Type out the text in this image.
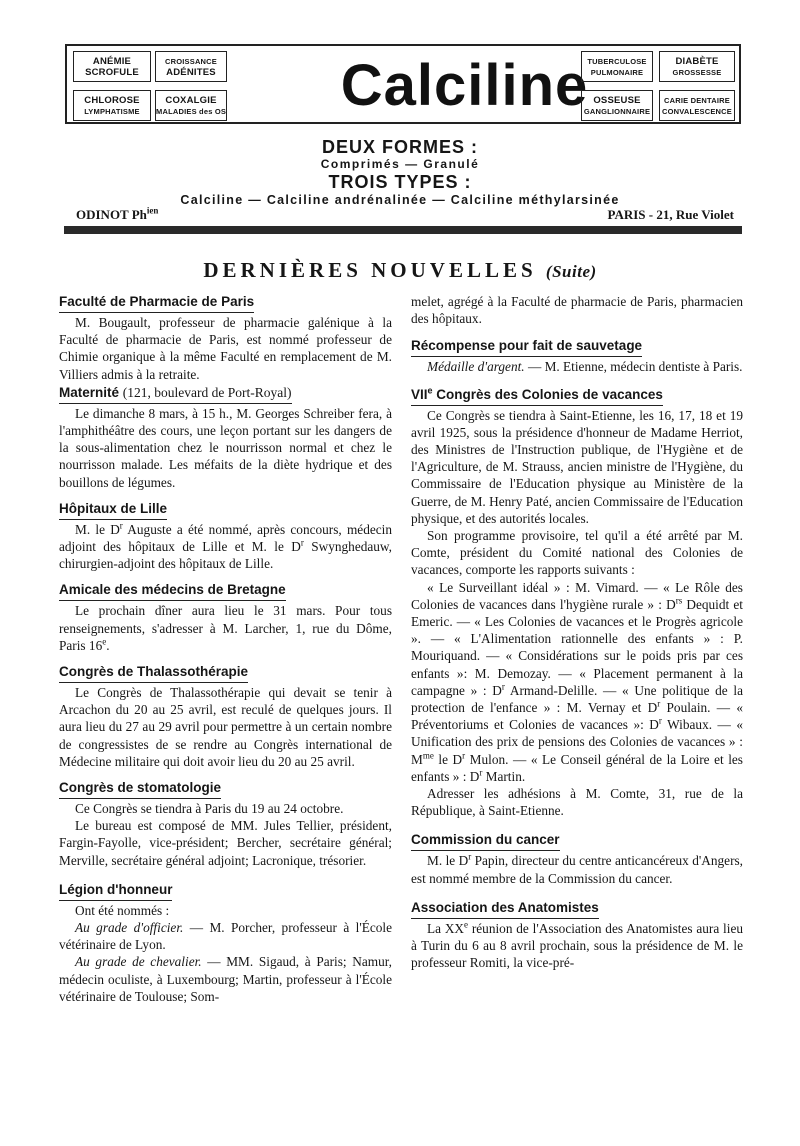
ANÉMIE
SCROFULE
CROISSANCE
ADÉNITES
CHLOROSE
LYMPHATISME
COXALGIE
MALADIES des OS	Calciline TUBERCULOSE
PULMONAIRE
DIABÈTE
GROSSESSE
OSSEUSE
GANGLIONNAIRE
CARIE DENTAIRE
CONVALESCENCE
DEUX FORMES :
Comprimés — Granulé
TROIS TYPES :
Calciline — Calciline andrénalinée — Calciline méthylarsinée
ODINOT $Ph^{ien}$	PARIS - 21, Rue Violet
DERNIÈRES NOUVELLES (Suite)
Faculté de Pharmacie de Paris

M. Bougault, professeur de pharmacie galénique à la Faculté de pharmacie de Paris, est nommé professeur de Chimie organique à la même Faculté en remplacement de M. Villiers admis à la retraite.

Maternité (121, boulevard de Port-Royal)

Le dimanche 8 mars, à 15 h., M. Georges Schreiber fera, à l'amphithéâtre des cours, une leçon portant sur les dangers de la sous-alimentation chez le nourrisson normal et chez le nourrisson malade. Les méfaits de la diète hydrique et des bouillons de légumes.

Hôpitaux de Lille

M. le $D^r$ Auguste a été nommé, après concours, médecin adjoint des hôpitaux de Lille et M. le $D^r$ Swynghedauw, chirurgien-adjoint des hôpitaux de Lille.

Amicale des médecins de Bretagne

Le prochain dîner aura lieu le 31 mars. Pour tous renseignements, s'adresser à M. Larcher, 1, rue du Dôme, Paris 16e.

Congrès de Thalassothérapie

Le Congrès de Thalassothérapie qui devait se tenir à Arcachon du 20 au 25 avril, est reculé de quelques jours. Il aura lieu du 27 au 29 avril pour permettre à un certain nombre de congressistes de se rendre au Congrès international de Médecine militaire qui doit avoir lieu du 20 au 25 avril.

Congrès de stomatologie

Ce Congrès se tiendra à Paris du 19 au 24 octobre.

Le bureau est composé de MM. Jules Tellier, président, Fargin-Fayolle, vice-président; Bercher, secrétaire général; Merville, secrétaire général adjoint; Lacronique, trésorier.

Légion d'honneur

Ont été nommés :

Au grade d'officier. — M. Porcher, professeur à l'École vétérinaire de Lyon.

Au grade de chevalier. — MM. Sigaud, à Paris; Namur, médecin oculiste, à Luxembourg; Martin, professeur à l'École vétérinaire de Toulouse; Som-

melet, agrégé à la Faculté de pharmacie de Paris, pharmacien des hôpitaux.

Récompense pour fait de sauvetage

Médaille d'argent. — M. Etienne, médecin dentiste à Paris.

VIIe Congrès des Colonies de vacances

Ce Congrès se tiendra à Saint-Etienne, les 16, 17, 18 et 19 avril 1925, sous la présidence d'honneur de Madame Herriot, des Ministres de l'Instruction publique, de l'Hygiène et de l'Agriculture, de M. Strauss, ancien ministre de l'Hygiène, du Commissaire de l'Education physique au Ministère de la Guerre, de M. Henry Paté, ancien Commissaire de l'Education physique, et des autorités locales.

Son programme provisoire, tel qu'il a été arrêté par M. Comte, président du Comité national des Colonies de vacances, comporte les rapports suivants :

« Le Surveillant idéal » : M. Vimard. — « Le Rôle des Colonies de vacances dans l'hygiène rurale » : $D^{rs}$ Dequidt et Emeric. — « Les Colonies de vacances et le Progrès agricole ». — « L'Alimentation rationnelle des enfants » : P. Mouriquand. — « Considérations sur le poids pris par ces enfants »: M. Demozay. — « Placement permanent à la campagne » : $D^r$ Armand-Delille. — « Une politique de la protection de l'enfance » : M. Vernay et $D^r$ Poulain. — « Préventoriums et Colonies de vacances »: $D^r$ Wibaux. — « Unification des prix de pensions des Colonies de vacances » : $M^{me}$ le $D^r$ Mulon. — « Le Conseil général de la Loire et les enfants » : $D^r$ Martin.

Adresser les adhésions à M. Comte, 31, rue de la République, à Saint-Etienne.

Commission du cancer

M. le $D^r$ Papin, directeur du centre anticancéreux d'Angers, est nommé membre de la Commission du cancer.

Association des Anatomistes

La XXe réunion de l'Association des Anatomistes aura lieu à Turin du 6 au 8 avril prochain, sous la présidence de M. le professeur Romiti, la vice-pré-
